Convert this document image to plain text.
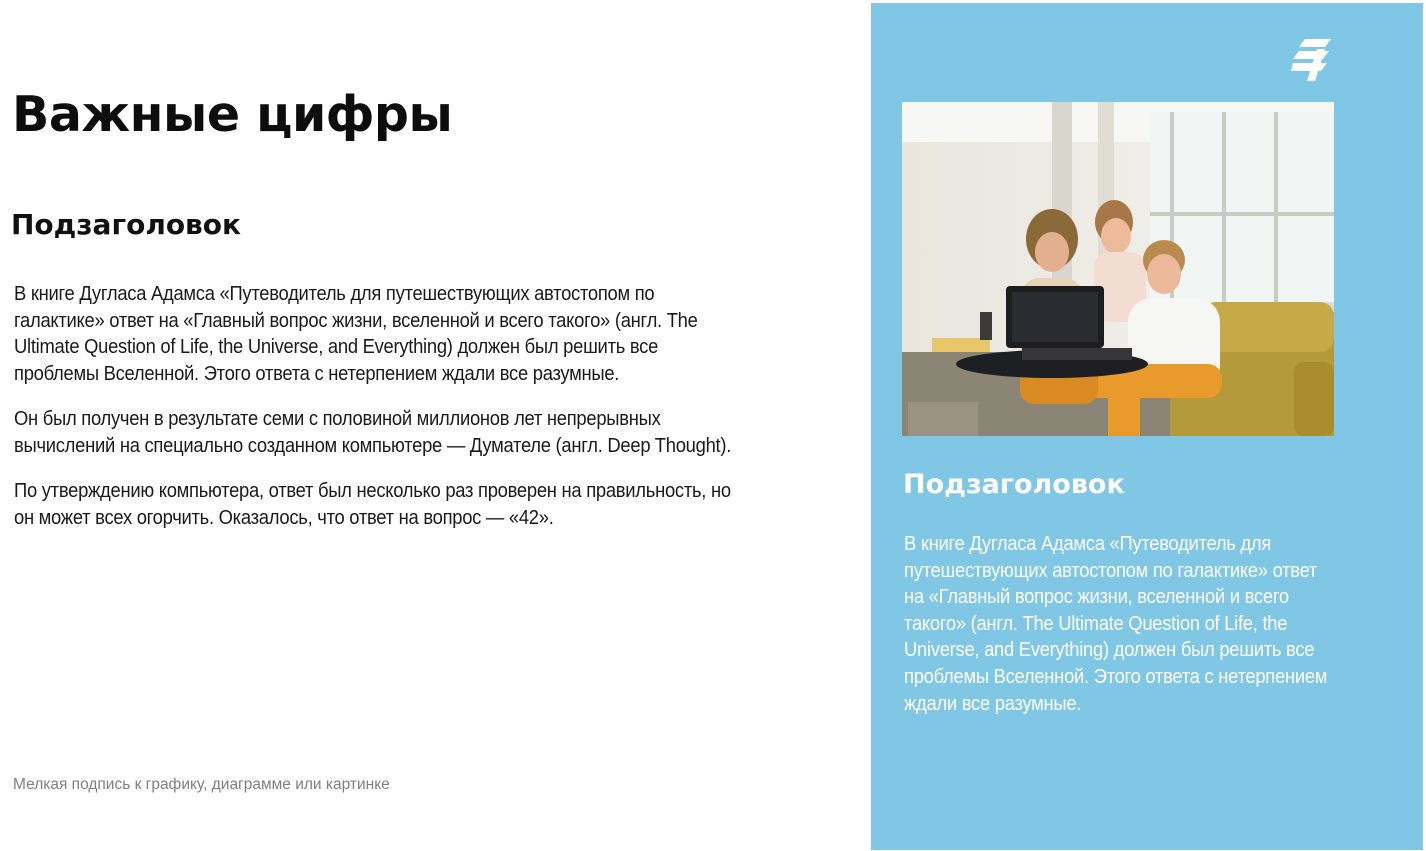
Важные цифры
Подзаголовок

В книге Дугласа Адамса «Путеводитель для путешествующих автостопом по галактике» ответ на «Главный вопрос жизни, вселенной и всего такого» (англ. The Ultimate Question of Life, the Universe, and Everything) должен был решить все проблемы Вселенной. Этого ответа с нетерпением ждали все разумные.

Он был получен в результате семи с половиной миллионов лет непрерывных вычислений на специально созданном компьютере — Думателе (англ. Deep Thought).

По утверждению компьютера, ответ был несколько раз проверен на правильность, но он может всех огорчить. Оказалось, что ответ на вопрос — «42».

Мелкая подпись к графику, диаграмме или картинке

Подзаголовок

В книге Дугласа Адамса «Путеводитель для путешествующих автостопом по галактике» ответ на «Главный вопрос жизни, вселенной и всего такого» (англ. The Ultimate Question of Life, the Universe, and Everything) должен был решить все проблемы Вселенной. Этого ответа с нетерпением ждали все разумные.
